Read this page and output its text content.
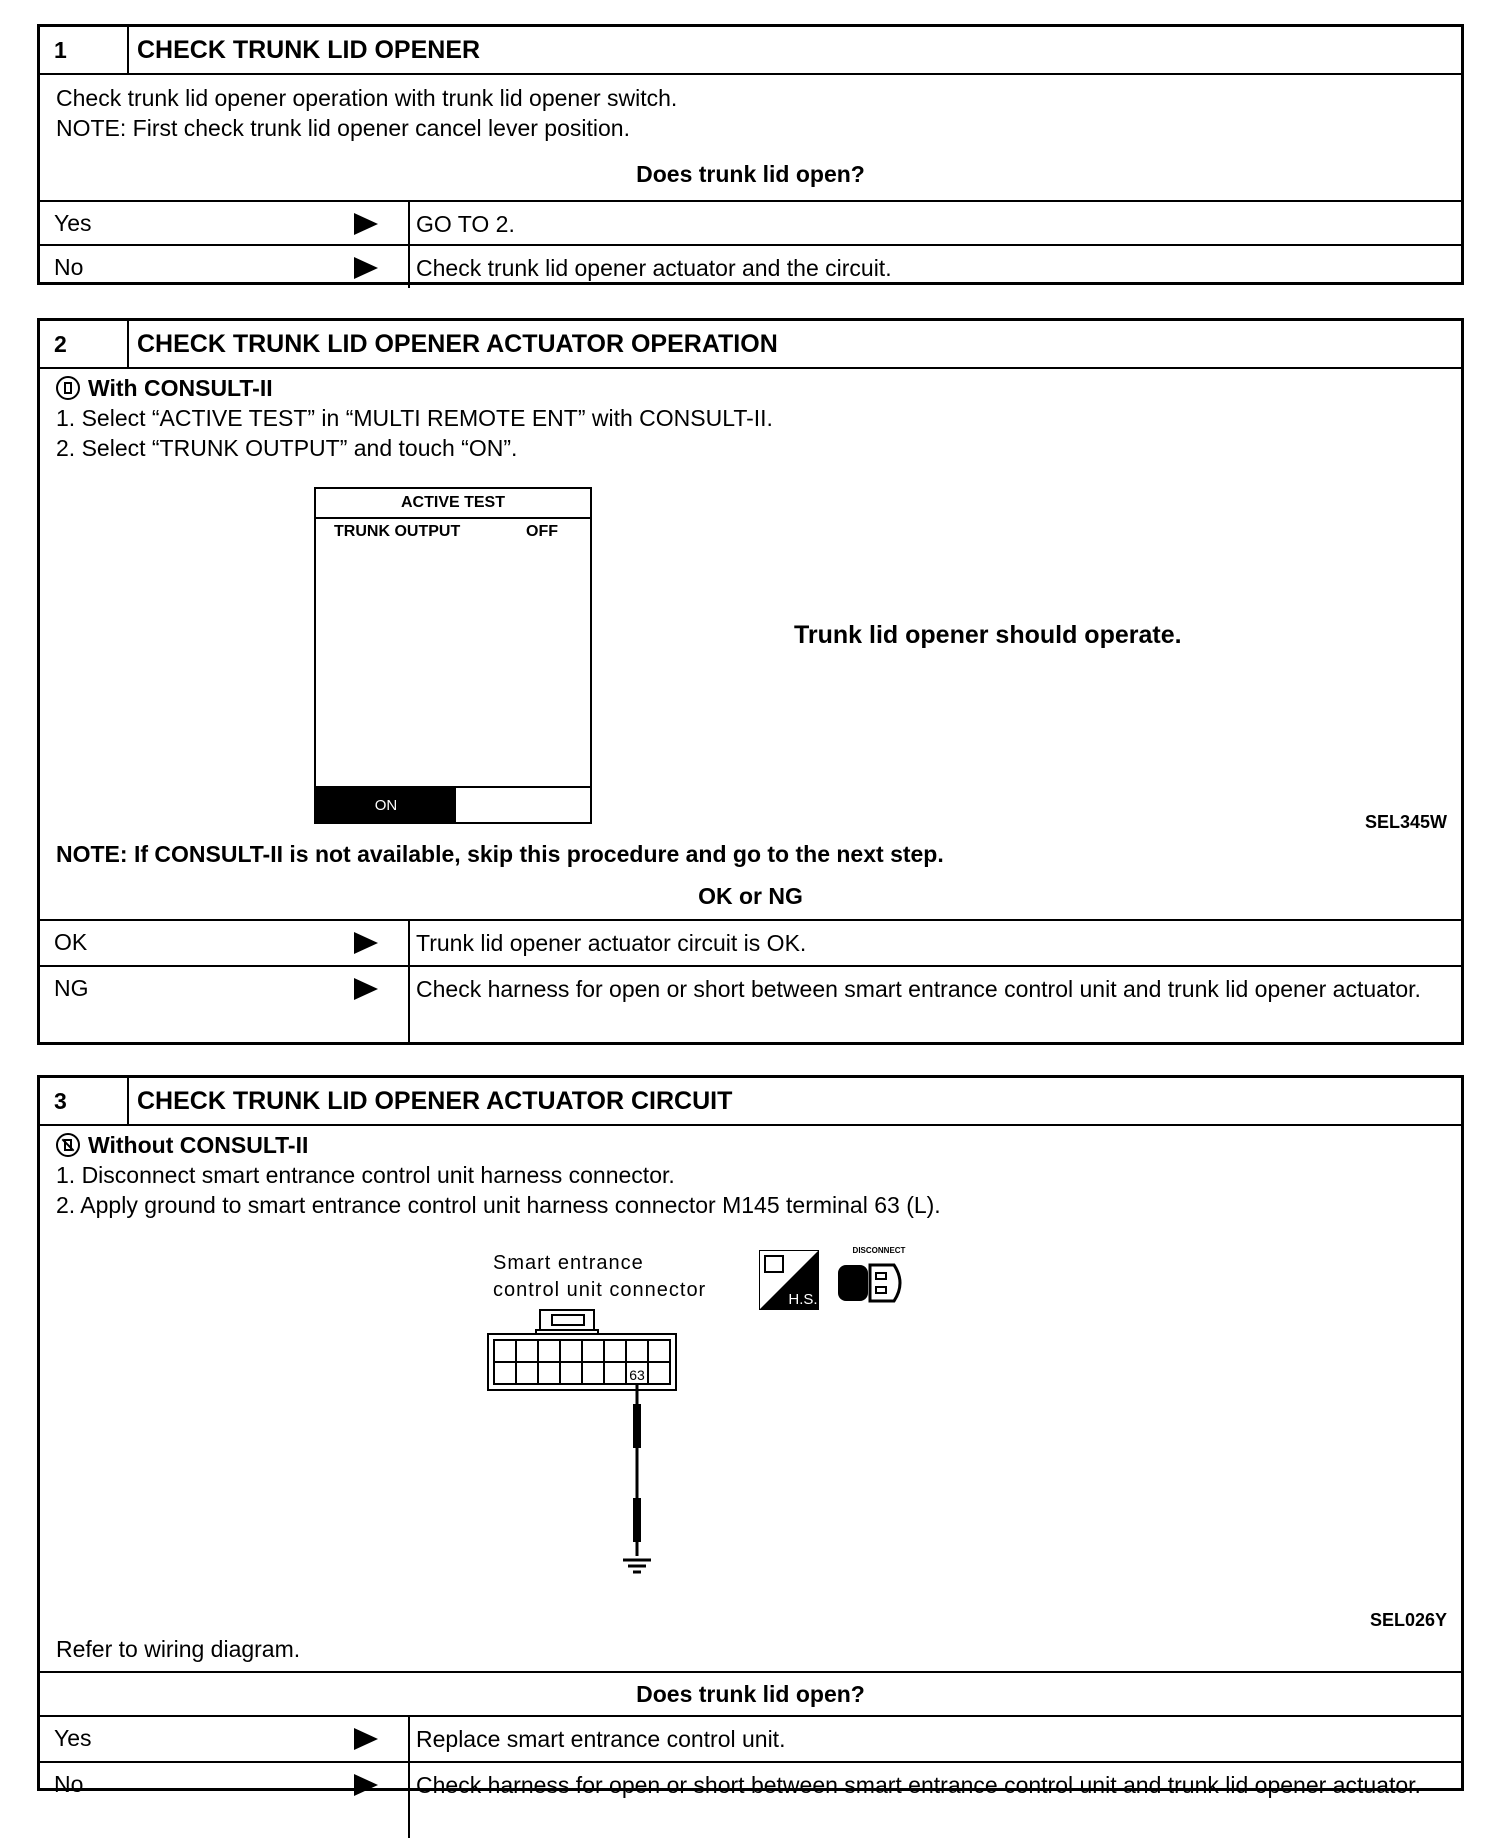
1	CHECK TRUNK LID OPENER
Check trunk lid opener operation with trunk lid opener switch.
NOTE: First check trunk lid opener cancel lever position.
Does trunk lid open?
Yes	GO TO 2.
No	Check trunk lid opener actuator and the circuit.
2	CHECK TRUNK LID OPENER ACTUATOR OPERATION
With CONSULT-II
1. Select “ACTIVE TEST” in “MULTI REMOTE ENT” with CONSULT-II.
2. Select “TRUNK OUTPUT” and touch “ON”.
ACTIVE TEST
TRUNK OUTPUT	OFF
ON
Trunk lid opener should operate.
SEL345W
NOTE: If CONSULT-II is not available, skip this procedure and go to the next step.
OK or NG
OK	Trunk lid opener actuator circuit is OK.
NG	Check harness for open or short between smart entrance control unit and trunk lid opener actuator.
3	CHECK TRUNK LID OPENER ACTUATOR CIRCUIT
Without CONSULT-II
1. Disconnect smart entrance control unit harness connector.
2. Apply ground to smart entrance control unit harness connector M145 terminal 63 (L).
Smart entrance
control unit connector
63
H.S.
DISCONNECT
SEL026Y
Refer to wiring diagram.
Does trunk lid open?
Yes	Replace smart entrance control unit.
No	Check harness for open or short between smart entrance control unit and trunk lid opener actuator.
